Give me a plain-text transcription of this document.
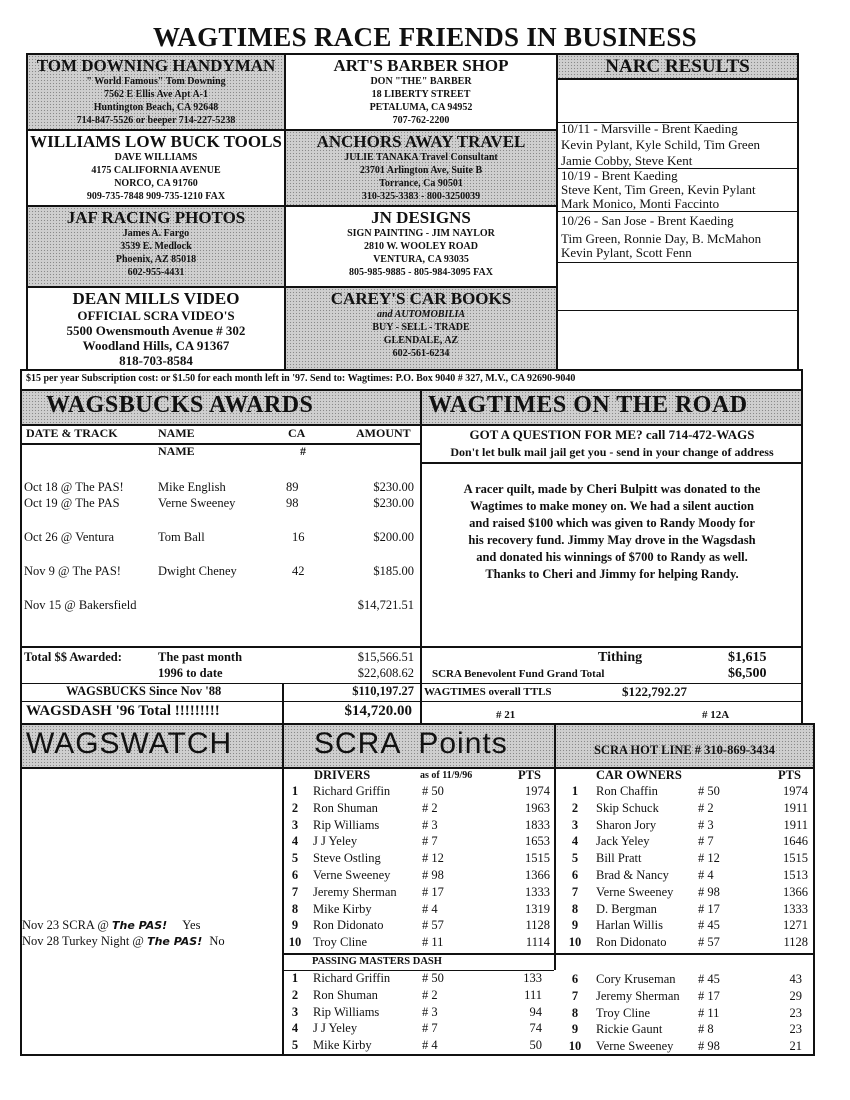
WAGTIMES RACE FRIENDS IN BUSINESS
TOM DOWNING HANDYMAN
" World Famous" Tom Downing
7562 E Ellis Ave Apt A-1
Huntington Beach, CA 92648
714-847-5526 or beeper 714-227-5238
ART'S BARBER SHOP
DON "THE" BARBER
18 LIBERTY STREET
PETALUMA, CA 94952
707-762-2200
WILLIAMS LOW BUCK TOOLS
DAVE WILLIAMS
4175 CALIFORNIA AVENUE
NORCO, CA 91760
909-735-7848 909-735-1210 FAX
ANCHORS AWAY TRAVEL
JULIE TANAKA Travel Consultant
23701 Arlington Ave, Suite B
Torrance, Ca 90501
310-325-3383 - 800-3250039
JAF RACING PHOTOS
James A. Fargo
3539 E. Medlock
Phoenix, AZ 85018
602-955-4431
JN DESIGNS
SIGN PAINTING - JIM NAYLOR
2810 W. WOOLEY ROAD
VENTURA, CA 93035
805-985-9885 - 805-984-3095 FAX
DEAN MILLS VIDEO
OFFICIAL SCRA VIDEO'S
5500 Owensmouth Avenue # 302
Woodland Hills, CA 91367
818-703-8584
CAREY'S CAR BOOKS
and AUTOMOBILIA
BUY - SELL - TRADE
GLENDALE, AZ
602-561-6234
NARC RESULTS
10/11 - Marsville - Brent Kaeding
Kevin Pylant, Kyle Schild, Tim Green
Jamie Cobby, Steve Kent
10/19 - Brent Kaeding
Steve Kent, Tim Green, Kevin Pylant
Mark Monico, Monti Faccinto
10/26 - San Jose - Brent Kaeding
Tim Green, Ronnie Day, B. McMahon
Kevin Pylant, Scott Fenn
$15 per year Subscription cost: or $1.50 for each month left in '97. Send to: Wagtimes: P.O. Box 9040 # 327, M.V., CA 92690-9040
WAGSBUCKS AWARDS	WAGTIMES ON THE ROAD
DATE & TRACK	NAME	CA	AMOUNT
NAME	#
Oct 18 @ The PAS!	Mike English	89	$230.00
Oct 19 @ The PAS	Verne Sweeney	98	$230.00
Oct 26 @ Ventura	Tom Ball	16	$200.00
Nov 9 @ The PAS!	Dwight Cheney	42	$185.00
Nov 15 @ Bakersfield	$14,721.51
Total $$ Awarded:	The past month	$15,566.51
1996 to date	$22,608.62
WAGSBUCKS Since Nov '88	$110,197.27
WAGSDASH '96 Total !!!!!!!!!	$14,720.00
GOT A QUESTION FOR ME? call 714-472-WAGS
Don't let bulk mail jail get you - send in your change of address
A racer quilt, made by Cheri Bulpitt was donated to the
Wagtimes to make money on. We had a silent auction
and raised $100 which was given to Randy Moody for
his recovery fund. Jimmy May drove in the Wagsdash
and donated his winnings of $700 to Randy as well.
Thanks to Cheri and Jimmy for helping Randy.
Tithing	$1,615
SCRA Benevolent Fund Grand Total	$6,500
WAGTIMES overall TTLS	$122,792.27
# 21	# 12A
WAGSWATCH	SCRA  Points	SCRA HOT LINE # 310-869-3434
Nov 23 SCRA @ The PAS! Yes
Nov 28 Turkey Night @ The PAS! No
DRIVERS	as of 11/9/96	PTS	CAR OWNERS	PTS
1	Richard Griffin	# 50	1974
2	Ron Shuman	# 2	1963
3	Rip Williams	# 3	1833
4	J J Yeley	# 7	1653
5	Steve Ostling	# 12	1515
6	Verne Sweeney	# 98	1366
7	Jeremy Sherman # 17	1333
8	Mike Kirby	# 4	1319
9	Ron Didonato	# 57	1128
10 Troy Cline	# 11	1114
1	Ron Chaffin	# 50	1974
2	Skip Schuck	# 2	1911
3	Sharon Jory	# 3	1911
4	Jack Yeley	# 7	1646
5	Bill Pratt	# 12	1515
6	Brad & Nancy # 4	1513
7	Verne Sweeney # 98	1366
8	D. Bergman	# 17	1333
9	Harlan Willis	# 45	1271
10	Ron Didonato	# 57	1128
PASSING MASTERS DASH
1	Richard Griffin	# 50	133
2	Ron Shuman	# 2	111
3	Rip Williams	# 3	94
4	J J Yeley	# 7	74
5	Mike Kirby	# 4	50
6	Cory Kruseman # 45	43
7	Jeremy Sherman # 17	29
8	Troy Cline	# 11	23
9	Rickie Gaunt	# 8	23
10	Verne Sweeney # 98	21
